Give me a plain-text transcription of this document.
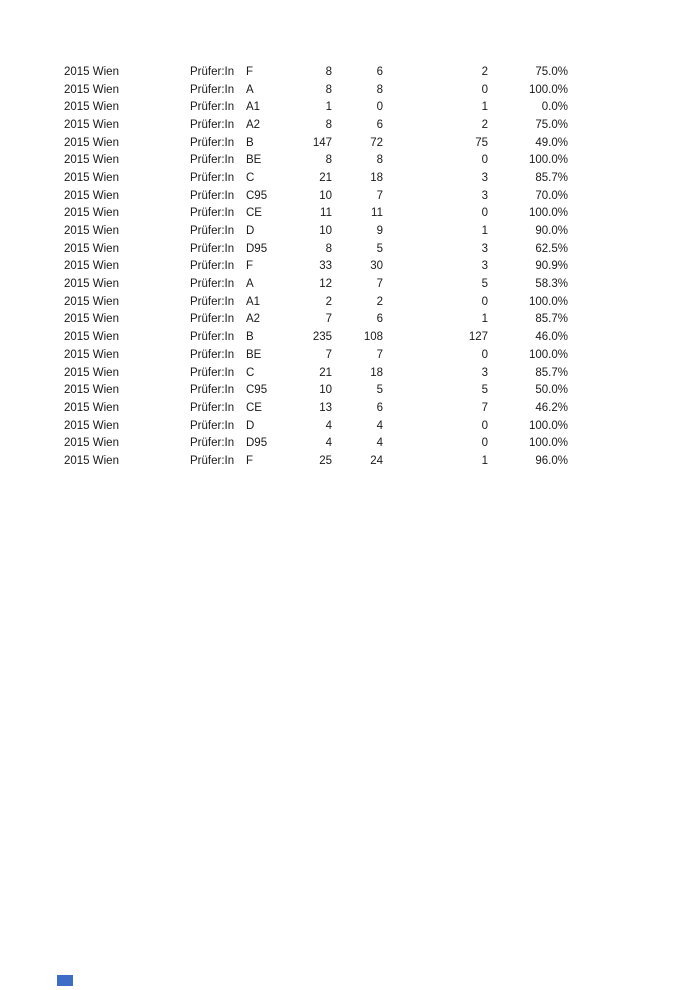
2015 Wien	Prüfer:In	F	8	6	2	75.0%
2015 Wien	Prüfer:In	A	8	8	0	100.0%
2015 Wien	Prüfer:In	A1	1	0	1	0.0%
2015 Wien	Prüfer:In	A2	8	6	2	75.0%
2015 Wien	Prüfer:In	B	147	72	75	49.0%
2015 Wien	Prüfer:In	BE	8	8	0	100.0%
2015 Wien	Prüfer:In	C	21	18	3	85.7%
2015 Wien	Prüfer:In	C95	10	7	3	70.0%
2015 Wien	Prüfer:In	CE	11	11	0	100.0%
2015 Wien	Prüfer:In	D	10	9	1	90.0%
2015 Wien	Prüfer:In	D95	8	5	3	62.5%
2015 Wien	Prüfer:In	F	33	30	3	90.9%
2015 Wien	Prüfer:In	A	12	7	5	58.3%
2015 Wien	Prüfer:In	A1	2	2	0	100.0%
2015 Wien	Prüfer:In	A2	7	6	1	85.7%
2015 Wien	Prüfer:In	B	235	108	127	46.0%
2015 Wien	Prüfer:In	BE	7	7	0	100.0%
2015 Wien	Prüfer:In	C	21	18	3	85.7%
2015 Wien	Prüfer:In	C95	10	5	5	50.0%
2015 Wien	Prüfer:In	CE	13	6	7	46.2%
2015 Wien	Prüfer:In	D	4	4	0	100.0%
2015 Wien	Prüfer:In	D95	4	4	0	100.0%
2015 Wien	Prüfer:In	F	25	24	1	96.0%
